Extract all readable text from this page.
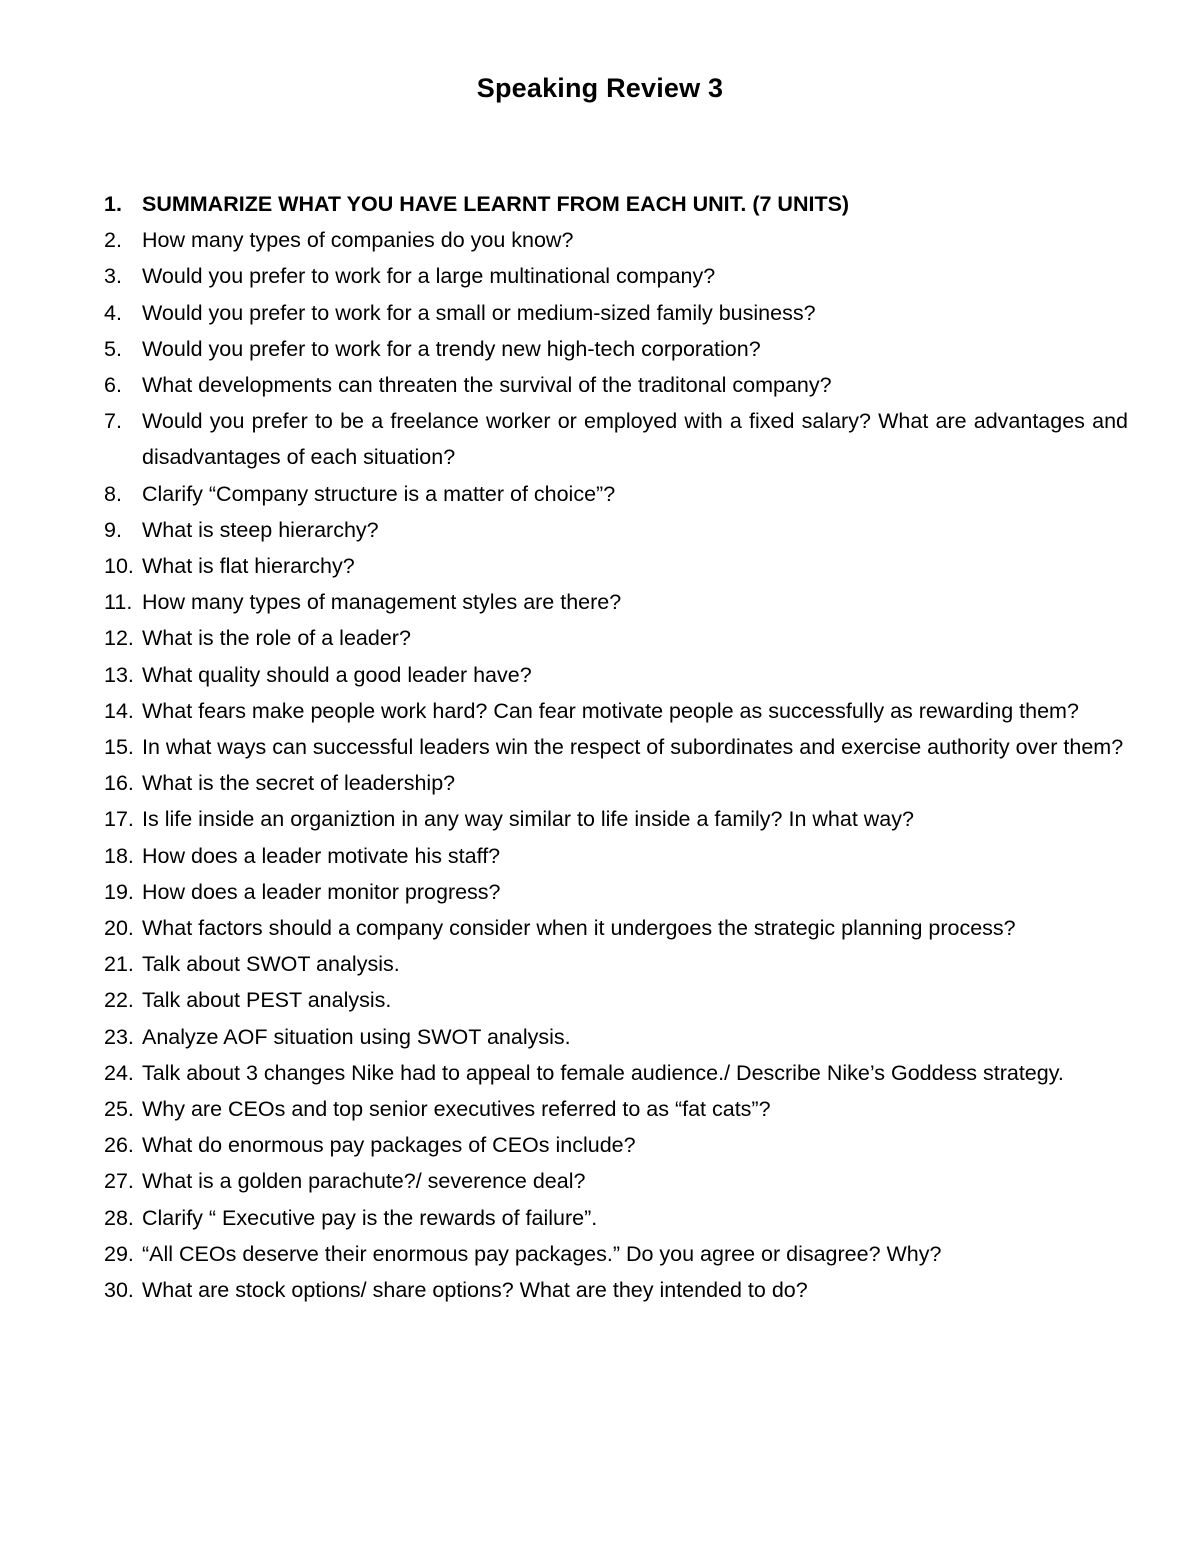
Speaking Review 3
1. SUMMARIZE WHAT YOU HAVE LEARNT FROM EACH UNIT. (7 UNITS)
2. How many types of companies do you know?
3. Would you prefer to work for a large multinational company?
4. Would you prefer to work for a small or medium-sized family business?
5. Would you prefer to work for a trendy new high-tech corporation?
6. What developments can threaten the survival of the traditonal company?
7. Would you prefer to be a freelance worker or employed with a fixed salary? What are advantages and disadvantages of each situation?
8. Clarify “Company structure is a matter of choice”?
9. What is steep hierarchy?
10. What is flat hierarchy?
11. How many types of management styles are there?
12. What is the role of a leader?
13. What quality should a good leader have?
14. What fears make people work hard? Can fear motivate people as successfully as rewarding them?
15. In what ways can successful leaders win the respect of subordinates and exercise authority over them?
16. What is the secret of leadership?
17. Is life inside an organiztion in any way similar to life inside a family? In what way?
18. How does a leader motivate his staff?
19. How does a leader monitor progress?
20. What factors should a company consider when it undergoes the strategic planning process?
21. Talk about SWOT analysis.
22. Talk about PEST analysis.
23. Analyze AOF situation using SWOT analysis.
24. Talk about 3 changes Nike had to appeal to female audience./ Describe Nike’s Goddess strategy.
25. Why are CEOs and top senior executives referred to as “fat cats”?
26. What do enormous pay packages of CEOs include?
27. What is a golden parachute?/ severence deal?
28. Clarify “ Executive pay is the rewards of failure”.
29. “All CEOs deserve their enormous pay packages.” Do you agree or disagree? Why?
30. What are stock options/ share options? What are they intended to do?
